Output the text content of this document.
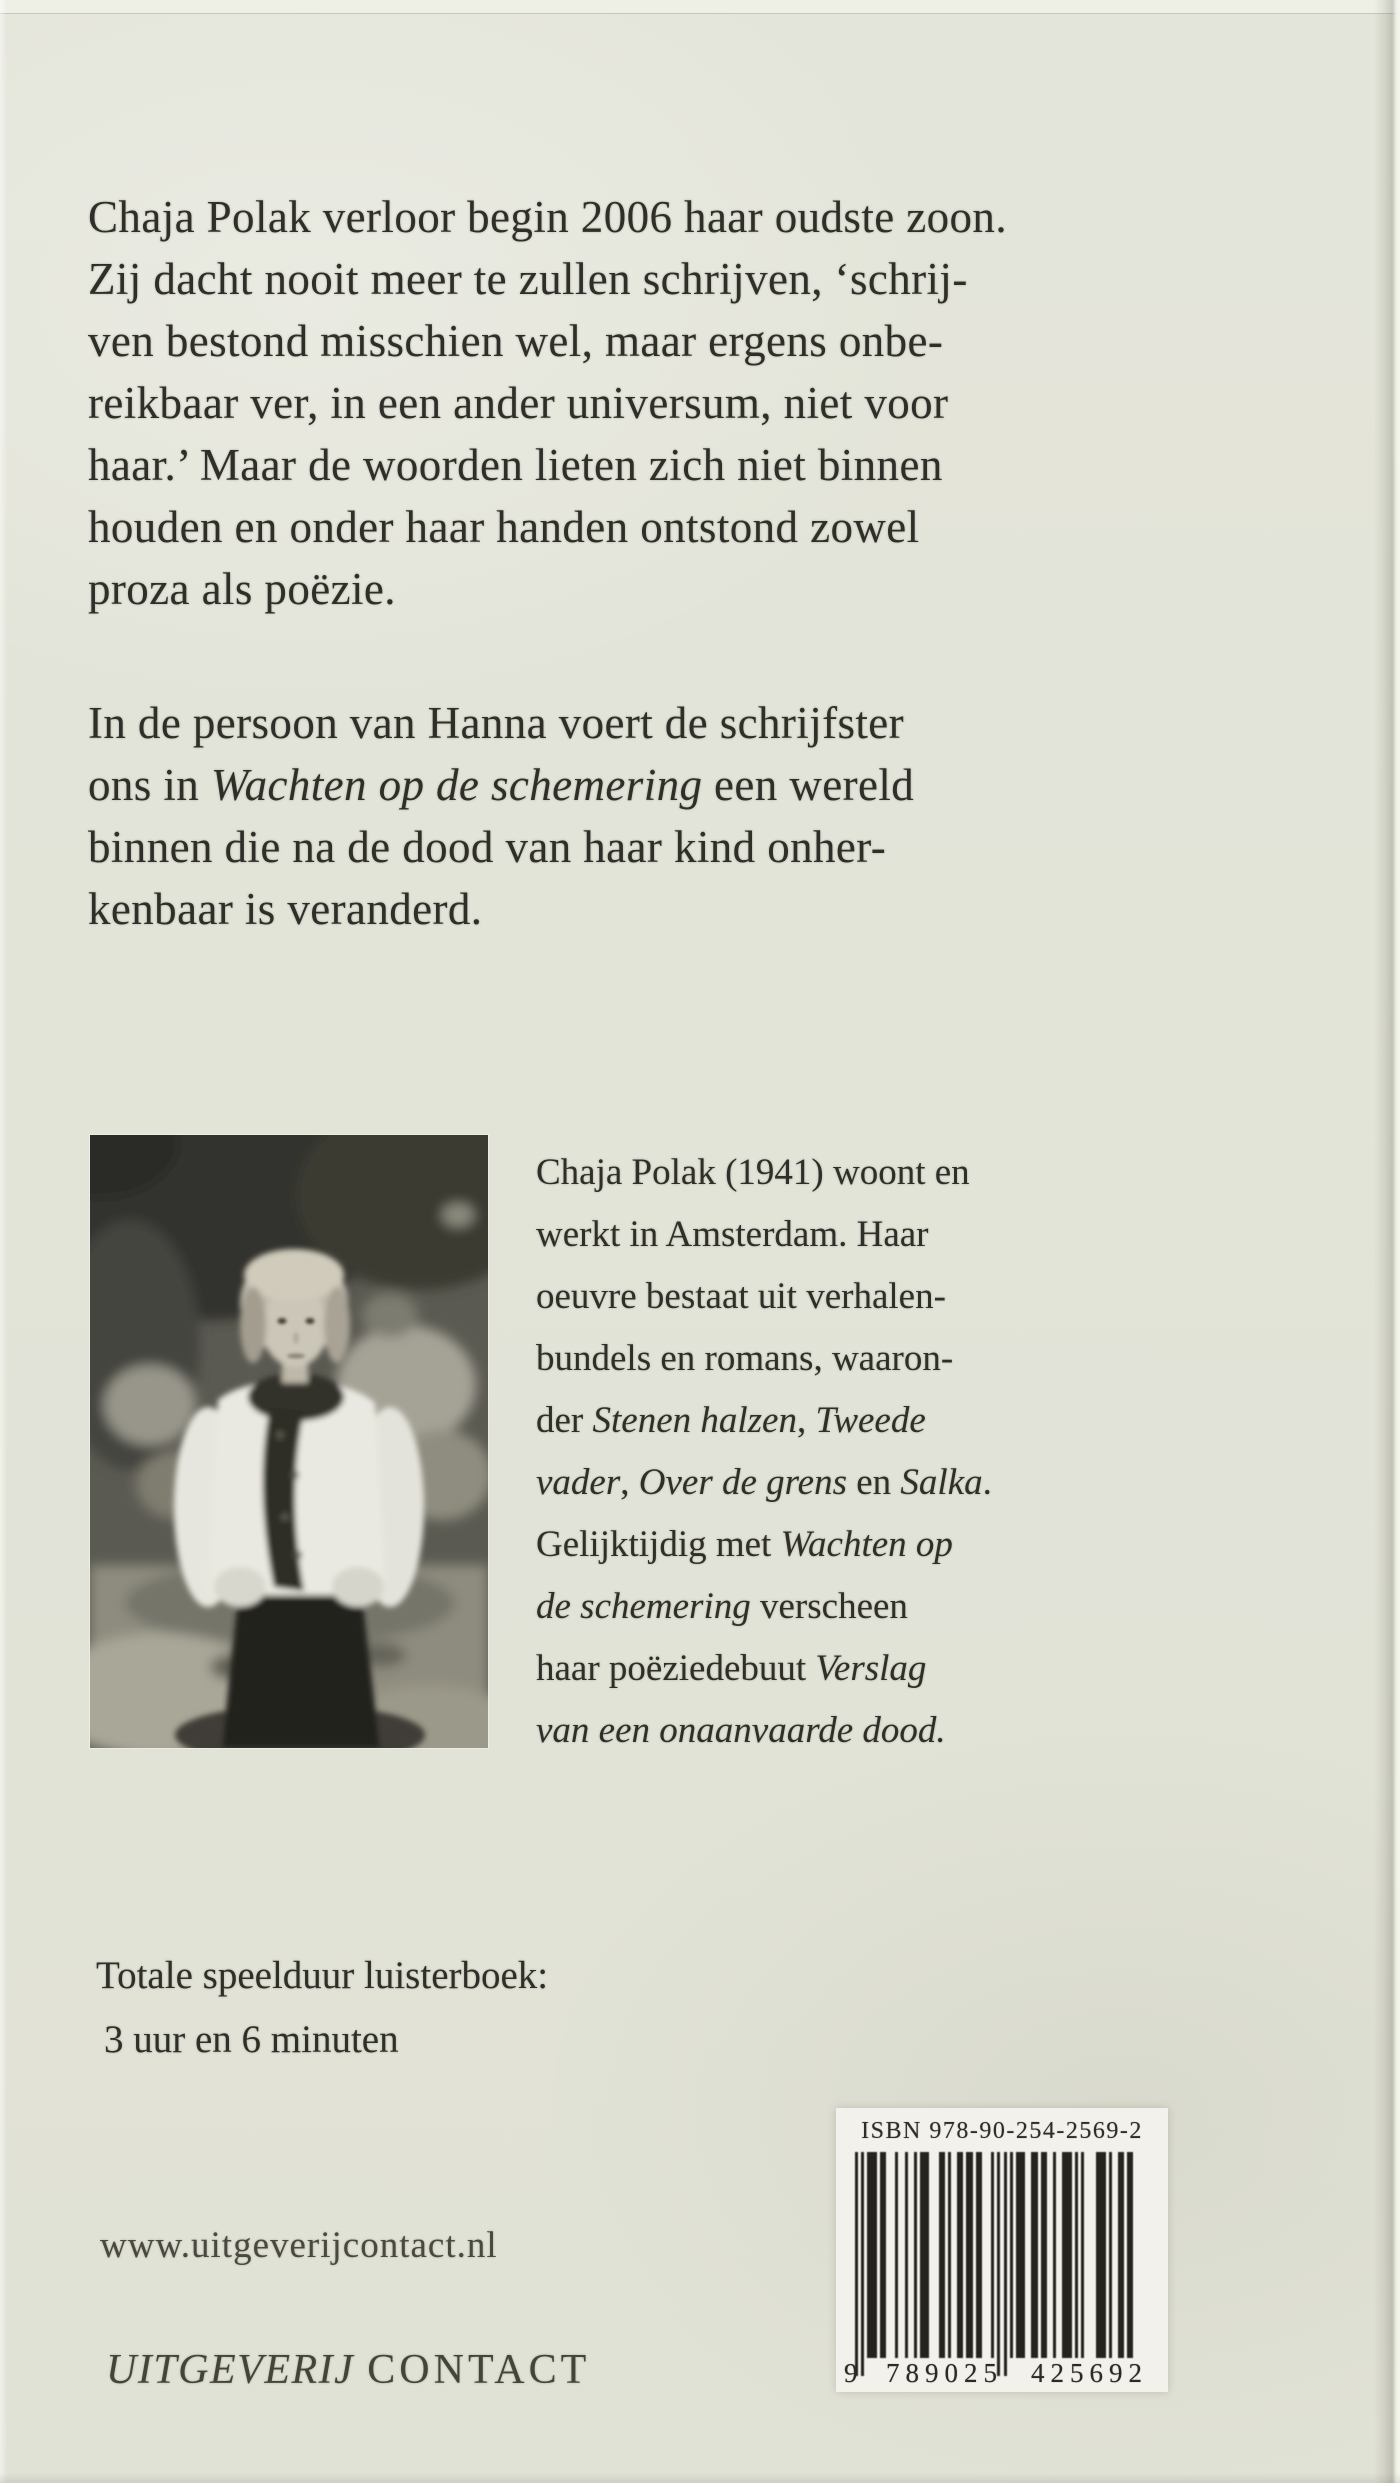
Chaja Polak verloor begin 2006 haar oudste zoon.
Zij dacht nooit meer te zullen schrijven, ‘schrij-
ven bestond misschien wel, maar ergens onbe-
reikbaar ver, in een ander universum, niet voor
haar.’ Maar de woorden lieten zich niet binnen
houden en onder haar handen ontstond zowel
proza als poëzie.
In de persoon van Hanna voert de schrijfster
ons in Wachten op de schemering een wereld
binnen die na de dood van haar kind onher-
kenbaar is veranderd.
Chaja Polak (1941) woont en
werkt in Amsterdam. Haar
oeuvre bestaat uit verhalen-
bundels en romans, waaron-
der Stenen halzen, Tweede
vader, Over de grens en Salka.
Gelijktijdig met Wachten op
de schemering verscheen
haar poëziedebuut Verslag
van een onaanvaarde dood.
Totale speelduur luisterboek:
3 uur en 6 minuten
www.uitgeverijcontact.nl
UITGEVERIJ CONTACT
ISBN 978-90-254-2569-2
9	789025	425692
